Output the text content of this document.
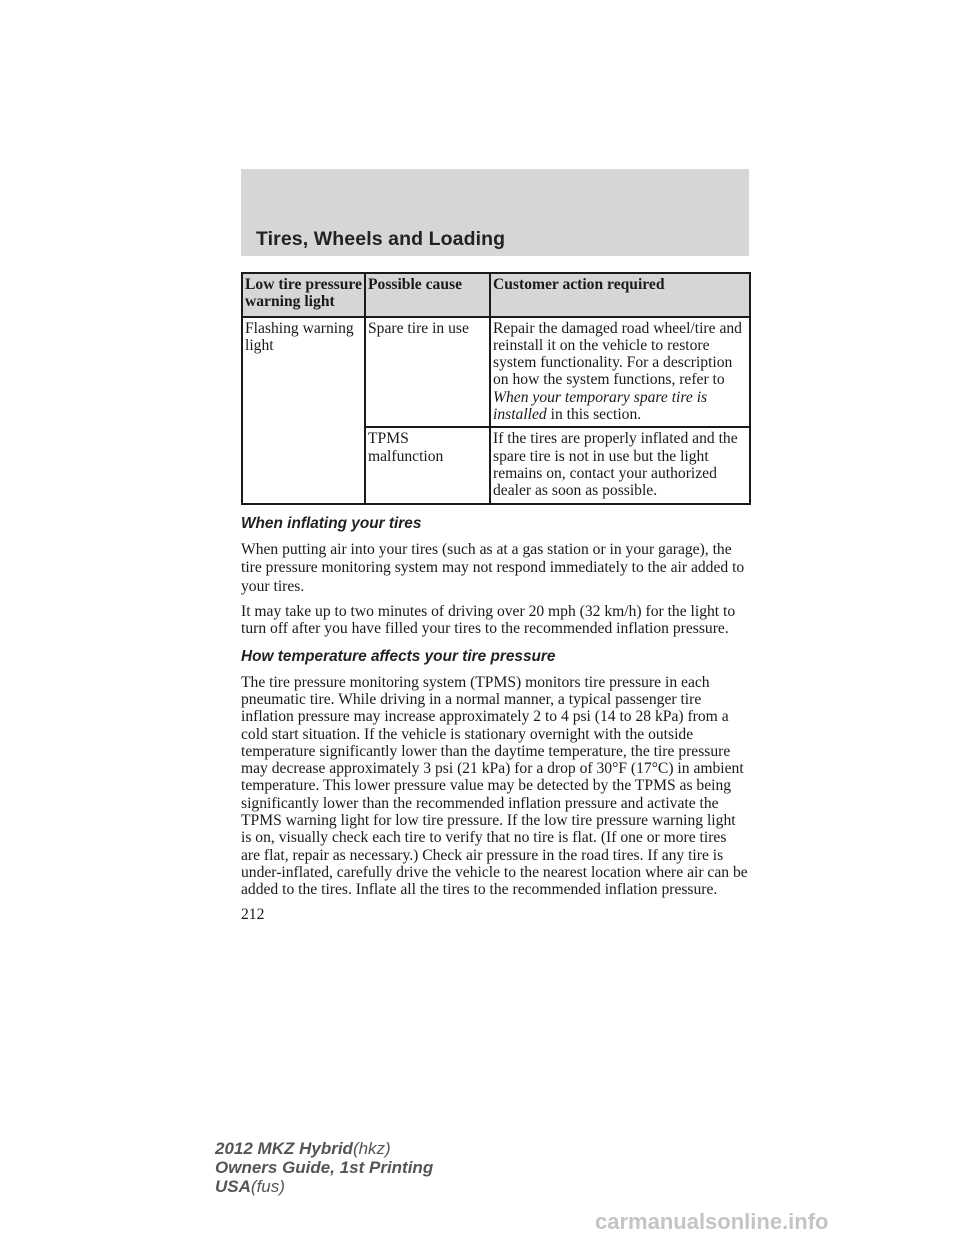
Tires, Wheels and Loading
Low tire pressure warning light	Possible cause	Customer action required
Flashing warning light	Spare tire in use	Repair the damaged road wheel/tire and reinstall it on the vehicle to restore system functionality. For a description on how the system functions, refer to When your temporary spare tire is installed in this section.
	TPMS malfunction	If the tires are properly inflated and the spare tire is not in use but the light remains on, contact your authorized dealer as soon as possible.
When inflating your tires

When putting air into your tires (such as at a gas station or in your garage), the tire pressure monitoring system may not respond immediately to the air added to your tires.

It may take up to two minutes of driving over 20 mph (32 km/h) for the light to turn off after you have filled your tires to the recommended inflation pressure.

How temperature affects your tire pressure

The tire pressure monitoring system (TPMS) monitors tire pressure in each pneumatic tire. While driving in a normal manner, a typical passenger tire inflation pressure may increase approximately 2 to 4 psi (14 to 28 kPa) from a cold start situation. If the vehicle is stationary overnight with the outside temperature significantly lower than the daytime temperature, the tire pressure may decrease approximately 3 psi (21 kPa) for a drop of 30°F (17°C) in ambient temperature. This lower pressure value may be detected by the TPMS as being significantly lower than the recommended inflation pressure and activate the TPMS warning light for low tire pressure. If the low tire pressure warning light is on, visually check each tire to verify that no tire is flat. (If one or more tires are flat, repair as necessary.) Check air pressure in the road tires. If any tire is under-inflated, carefully drive the vehicle to the nearest location where air can be added to the tires. Inflate all the tires to the recommended inflation pressure.

212
2012 MKZ Hybrid(hkz)
Owners Guide, 1st Printing
USA(fus)
carmanualsonline.info
